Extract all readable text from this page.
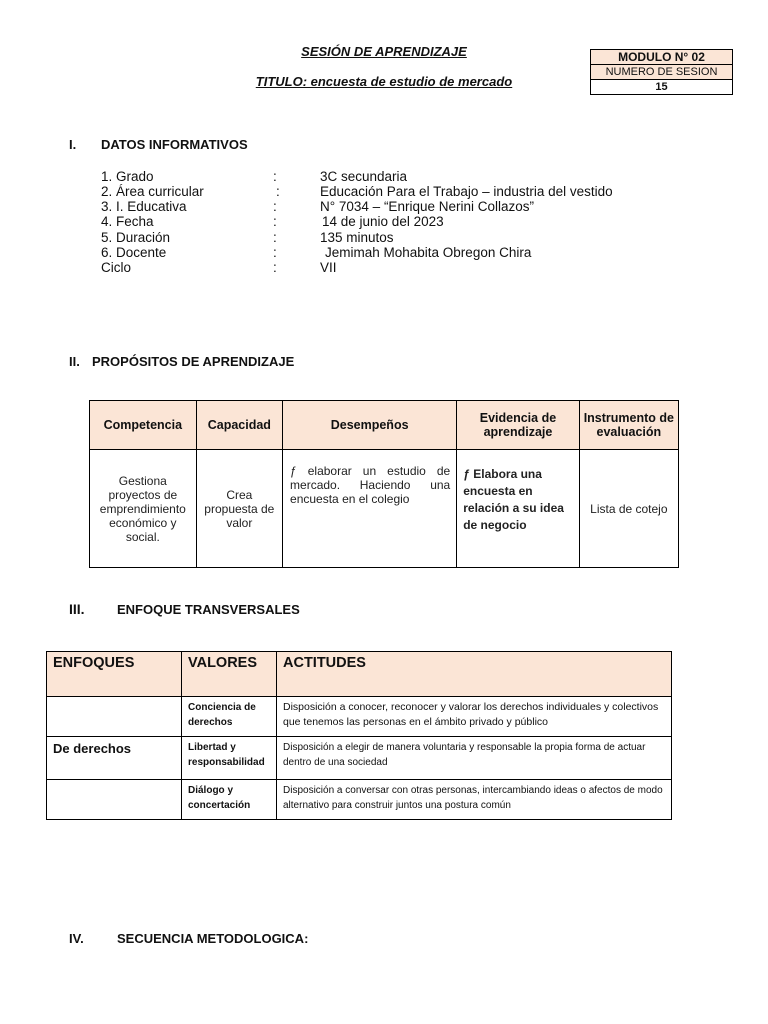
SESIÓN DE APRENDIZAJE
TITULO: encuesta de estudio de mercado
MODULO N° 02
NUMERO DE SESION
15
I. DATOS INFORMATIVOS
1. Grado	:	3C secundaria
2. Área curricular	:	Educación Para el Trabajo – industria del vestido
3. I. Educativa	:	N° 7034 – “Enrique Nerini Collazos”
4. Fecha	:	14 de junio del 2023
5. Duración	:	135 minutos
6. Docente	:	Jemimah Mohabita Obregon Chira
Ciclo	:	VII
II. PROPÓSITOS DE APRENDIZAJE
Competencia	Capacidad	Desempeños	Evidencia de aprendizaje	Instrumento de evaluación
Gestiona proyectos de emprendimiento económico y social.	Crea propuesta de valor	ƒ elaborar un estudio de mercado. Haciendo una encuesta en el colegio	ƒ Elabora una encuesta en relación a su idea de negocio	Lista de cotejo
III. ENFOQUE TRANSVERSALES
ENFOQUES	VALORES	ACTITUDES
	Conciencia de derechos	Disposición a conocer, reconocer y valorar los derechos individuales y colectivos que tenemos las personas en el ámbito privado y público
De derechos	Libertad y responsabilidad	Disposición a elegir de manera voluntaria y responsable la propia forma de actuar dentro de una sociedad
	Diálogo y concertación	Disposición a conversar con otras personas, intercambiando ideas o afectos de modo alternativo para construir juntos una postura común
IV.	SECUENCIA METODOLOGICA:
